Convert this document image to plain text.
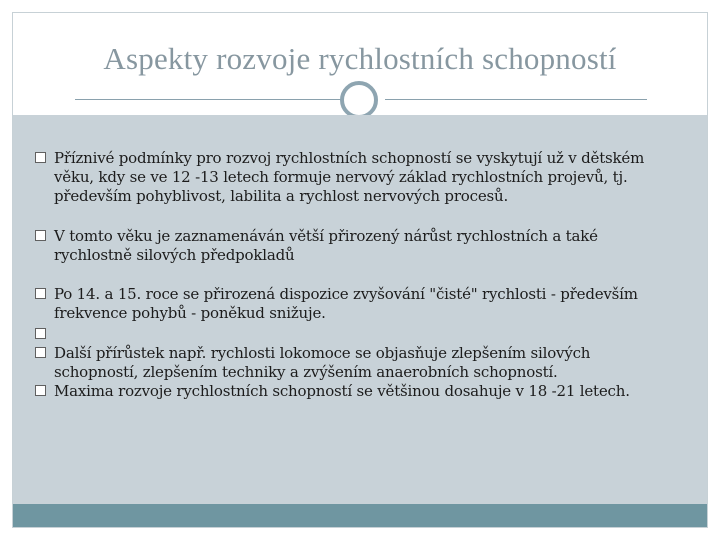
Aspekty rozvoje rychlostních schopností
Příznivé podmínky pro rozvoj rychlostních schopností se vyskytují už v dětském věku, kdy se ve 12 -13 letech formuje nervový základ rychlostních projevů, tj. především pohyblivost, labilita a rychlost nervových procesů.
V tomto věku je zaznamenáván větší přirozený nárůst rychlostních a také rychlostně silových předpokladů
Po 14. a 15. roce se přirozená dispozice zvyšování "čisté" rychlosti - především frekvence pohybů - poněkud snižuje.
Další přírůstek např. rychlosti lokomoce se objasňuje zlepšením silových schopností, zlepšením techniky a zvýšením anaerobních schopností.
Maxima rozvoje rychlostních schopností se většinou dosahuje v 18 -21 letech.
